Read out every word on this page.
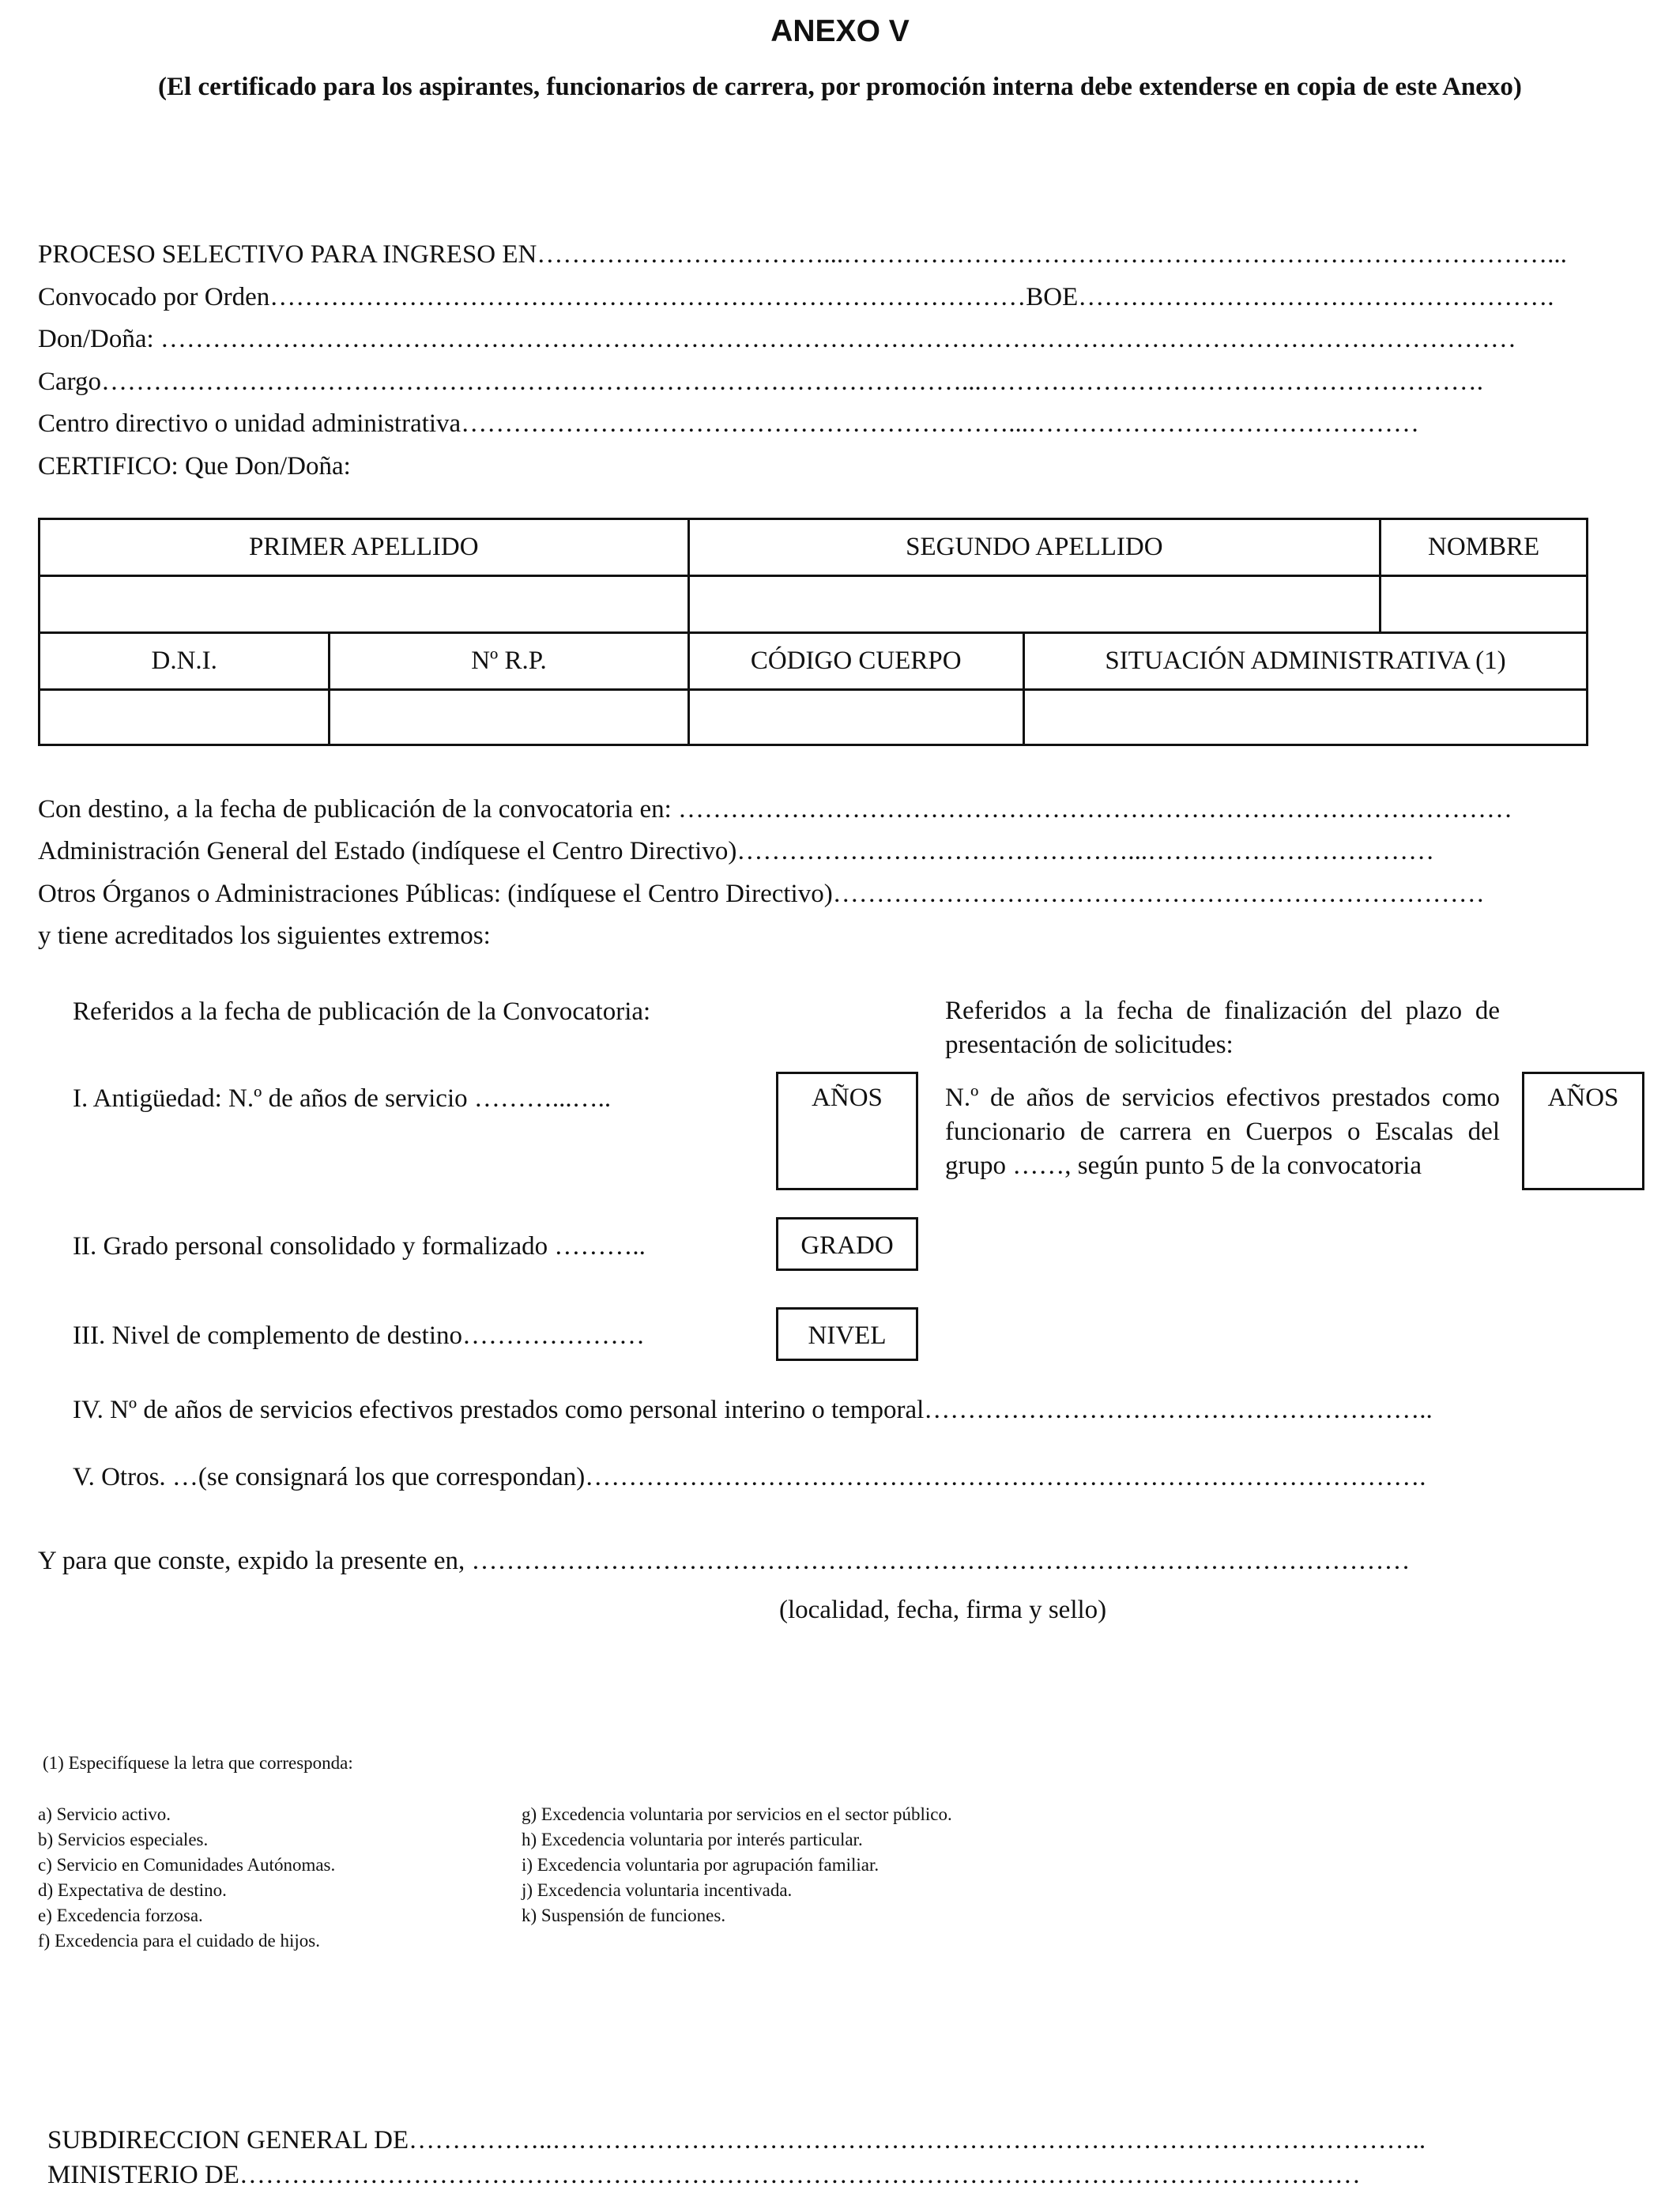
ANEXO V
(El certificado para los aspirantes, funcionarios de carrera, por promoción interna debe extenderse en copia de este Anexo)
PROCESO SELECTIVO PARA INGRESO EN……………………………...………………………………………………………………………...
Convocado por Orden……………………………………………………………………………BOE……………………………………………….
Don/Doña: …………………………………………………………………………………………………………………………………………
Cargo………………………………………………………………………………………...………………………………………………….
Centro directivo o unidad administrativa………………………………………………………...………………………………………
CERTIFICO: Que Don/Doña:
PRIMER APELLIDO		SEGUNDO APELLIDO		NOMBRE

D.N.I.	Nº R.P.	CÓDIGO CUERPO	SITUACIÓN ADMINISTRATIVA (1)	

Con destino, a la fecha de publicación de la convocatoria en: ……………………………………………………………………………………
Administración General del Estado (indíquese el Centro Directivo)………………………………………...……………………………
Otros Órganos o Administraciones Públicas: (indíquese el Centro Directivo)…………………………………………………………………
y tiene acreditados los siguientes extremos:
Referidos a la fecha de publicación de la Convocatoria:	Referidos a la fecha de finalización del plazo de presentación de solicitudes:
I. Antigüedad: N.º de años de servicio ………...…..	AÑOS	N.º de años de servicios efectivos prestados como funcionario de carrera en Cuerpos o Escalas del grupo ……, según punto 5 de la convocatoria
AÑOS
II. Grado personal consolidado y formalizado ………..	GRADO
III. Nivel de complemento de destino…………………	NIVEL
IV. Nº de años de servicios efectivos prestados como personal interino o temporal…………………………………………………..
V. Otros. …(se consignará los que correspondan)…………………………………………………………………………………….
Y para que conste, expido la presente en, ………………………………………………………………………………………………
(localidad, fecha, firma y sello)
(1) Especifíquese la letra que corresponda:
a) Servicio activo.
b) Servicios especiales.
c) Servicio en Comunidades Autónomas.
d) Expectativa de destino.
e) Excedencia forzosa.
f) Excedencia para el cuidado de hijos.
g) Excedencia voluntaria por servicios en el sector público.
h) Excedencia voluntaria por interés particular.
i) Excedencia voluntaria por agrupación familiar.
j) Excedencia voluntaria incentivada.
k) Suspensión de funciones.
SUBDIRECCION GENERAL DE……………..………………………………………………………………………………………..
MINISTERIO DE…………………………………………………………………………………………………………………
